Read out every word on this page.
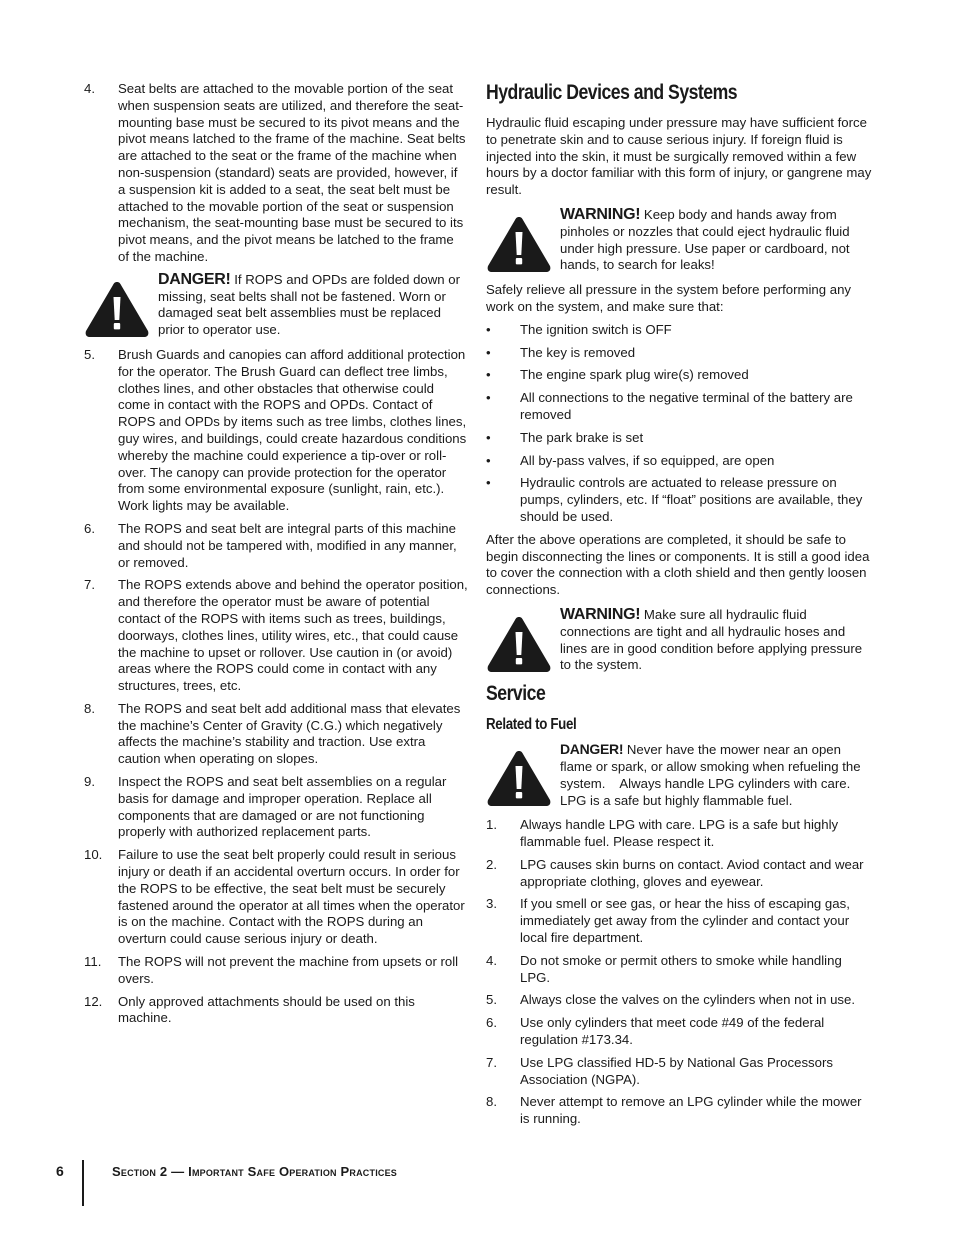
4. Seat belts are attached to the movable portion of the seat when suspension seats are utilized, and therefore the seat-mounting base must be secured to its pivot means and the pivot means latched to the frame of the machine. Seat belts are attached to the seat or the frame of the machine when non-suspension (standard) seats are provided, however, if a suspension kit is added to a seat, the seat belt must be attached to the movable portion of the seat or suspension mechanism, the seat-mounting base must be secured to its pivot means, and the pivot means be latched to the frame of the machine.
DANGER! If ROPS and OPDs are folded down or missing, seat belts shall not be fastened. Worn or damaged seat belt assemblies must be replaced prior to operator use.
5. Brush Guards and canopies can afford additional protection for the operator. The Brush Guard can deflect tree limbs, clothes lines, and other obstacles that otherwise could come in contact with the ROPS and OPDs. Contact of ROPS and OPDs by items such as tree limbs, clothes lines, guy wires, and buildings, could create hazardous conditions whereby the machine could experience a tip-over or roll-over. The canopy can provide protection for the operator from some environmental exposure (sunlight, rain, etc.). Work lights may be available.
6. The ROPS and seat belt are integral parts of this machine and should not be tampered with, modified in any manner, or removed.
7. The ROPS extends above and behind the operator position, and therefore the operator must be aware of potential contact of the ROPS with items such as trees, buildings, doorways, clothes lines, utility wires, etc., that could cause the machine to upset or rollover. Use caution in (or avoid) areas where the ROPS could come in contact with any structures, trees, etc.
8. The ROPS and seat belt add additional mass that elevates the machine’s Center of Gravity (C.G.) which negatively affects the machine’s stability and traction. Use extra caution when operating on slopes.
9. Inspect the ROPS and seat belt assemblies on a regular basis for damage and improper operation. Replace all components that are damaged or are not functioning properly with authorized replacement parts.
10. Failure to use the seat belt properly could result in serious injury or death if an accidental overturn occurs. In order for the ROPS to be effective, the seat belt must be securely fastened around the operator at all times when the operator is on the machine. Contact with the ROPS during an overturn could cause serious injury or death.
11. The ROPS will not prevent the machine from upsets or roll overs.
12. Only approved attachments should be used on this machine.
Hydraulic Devices and Systems

Hydraulic fluid escaping under pressure may have sufficient force to penetrate skin and to cause serious injury. If foreign fluid is injected into the skin, it must be surgically removed within a few hours by a doctor familiar with this form of injury, or gangrene may result.

WARNING! Keep body and hands away from pinholes or nozzles that could eject hydraulic fluid under high pressure. Use paper or cardboard, not hands, to search for leaks!

Safely relieve all pressure in the system before performing any work on the system, and make sure that:

• The ignition switch is OFF
• The key is removed
• The engine spark plug wire(s) removed
• All connections to the negative terminal of the battery are removed
• The park brake is set
• All by-pass valves, if so equipped, are open
• Hydraulic controls are actuated to release pressure on pumps, cylinders, etc. If “float” positions are available, they should be used.

After the above operations are completed, it should be safe to begin disconnecting the lines or components. It is still a good idea to cover the connection with a cloth shield and then gently loosen connections.

WARNING! Make sure all hydraulic fluid connections are tight and all hydraulic hoses and lines are in good condition before applying pressure to the system.
Service
Related to Fuel
DANGER! Never have the mower near an open flame or spark, or allow smoking when refueling the system.    Always handle LPG cylinders with care. LPG is a safe but highly flammable fuel.
1. Always handle LPG with care. LPG is a safe but highly flammable fuel. Please respect it.
2. LPG causes skin burns on contact. Aviod contact and wear appropriate clothing, gloves and eyewear.
3. If you smell or see gas, or hear the hiss of escaping gas, immediately get away from the cylinder and contact your local fire department.
4. Do not smoke or permit others to smoke while handling LPG.
5. Always close the valves on the cylinders when not in use.
6. Use only cylinders that meet code #49 of the federal regulation #173.34.
7. Use LPG classified HD-5 by National Gas Processors Association (NGPA).
8. Never attempt to remove an LPG cylinder while the mower is running.
6	Section 2 — Important Safe Operation Practices
